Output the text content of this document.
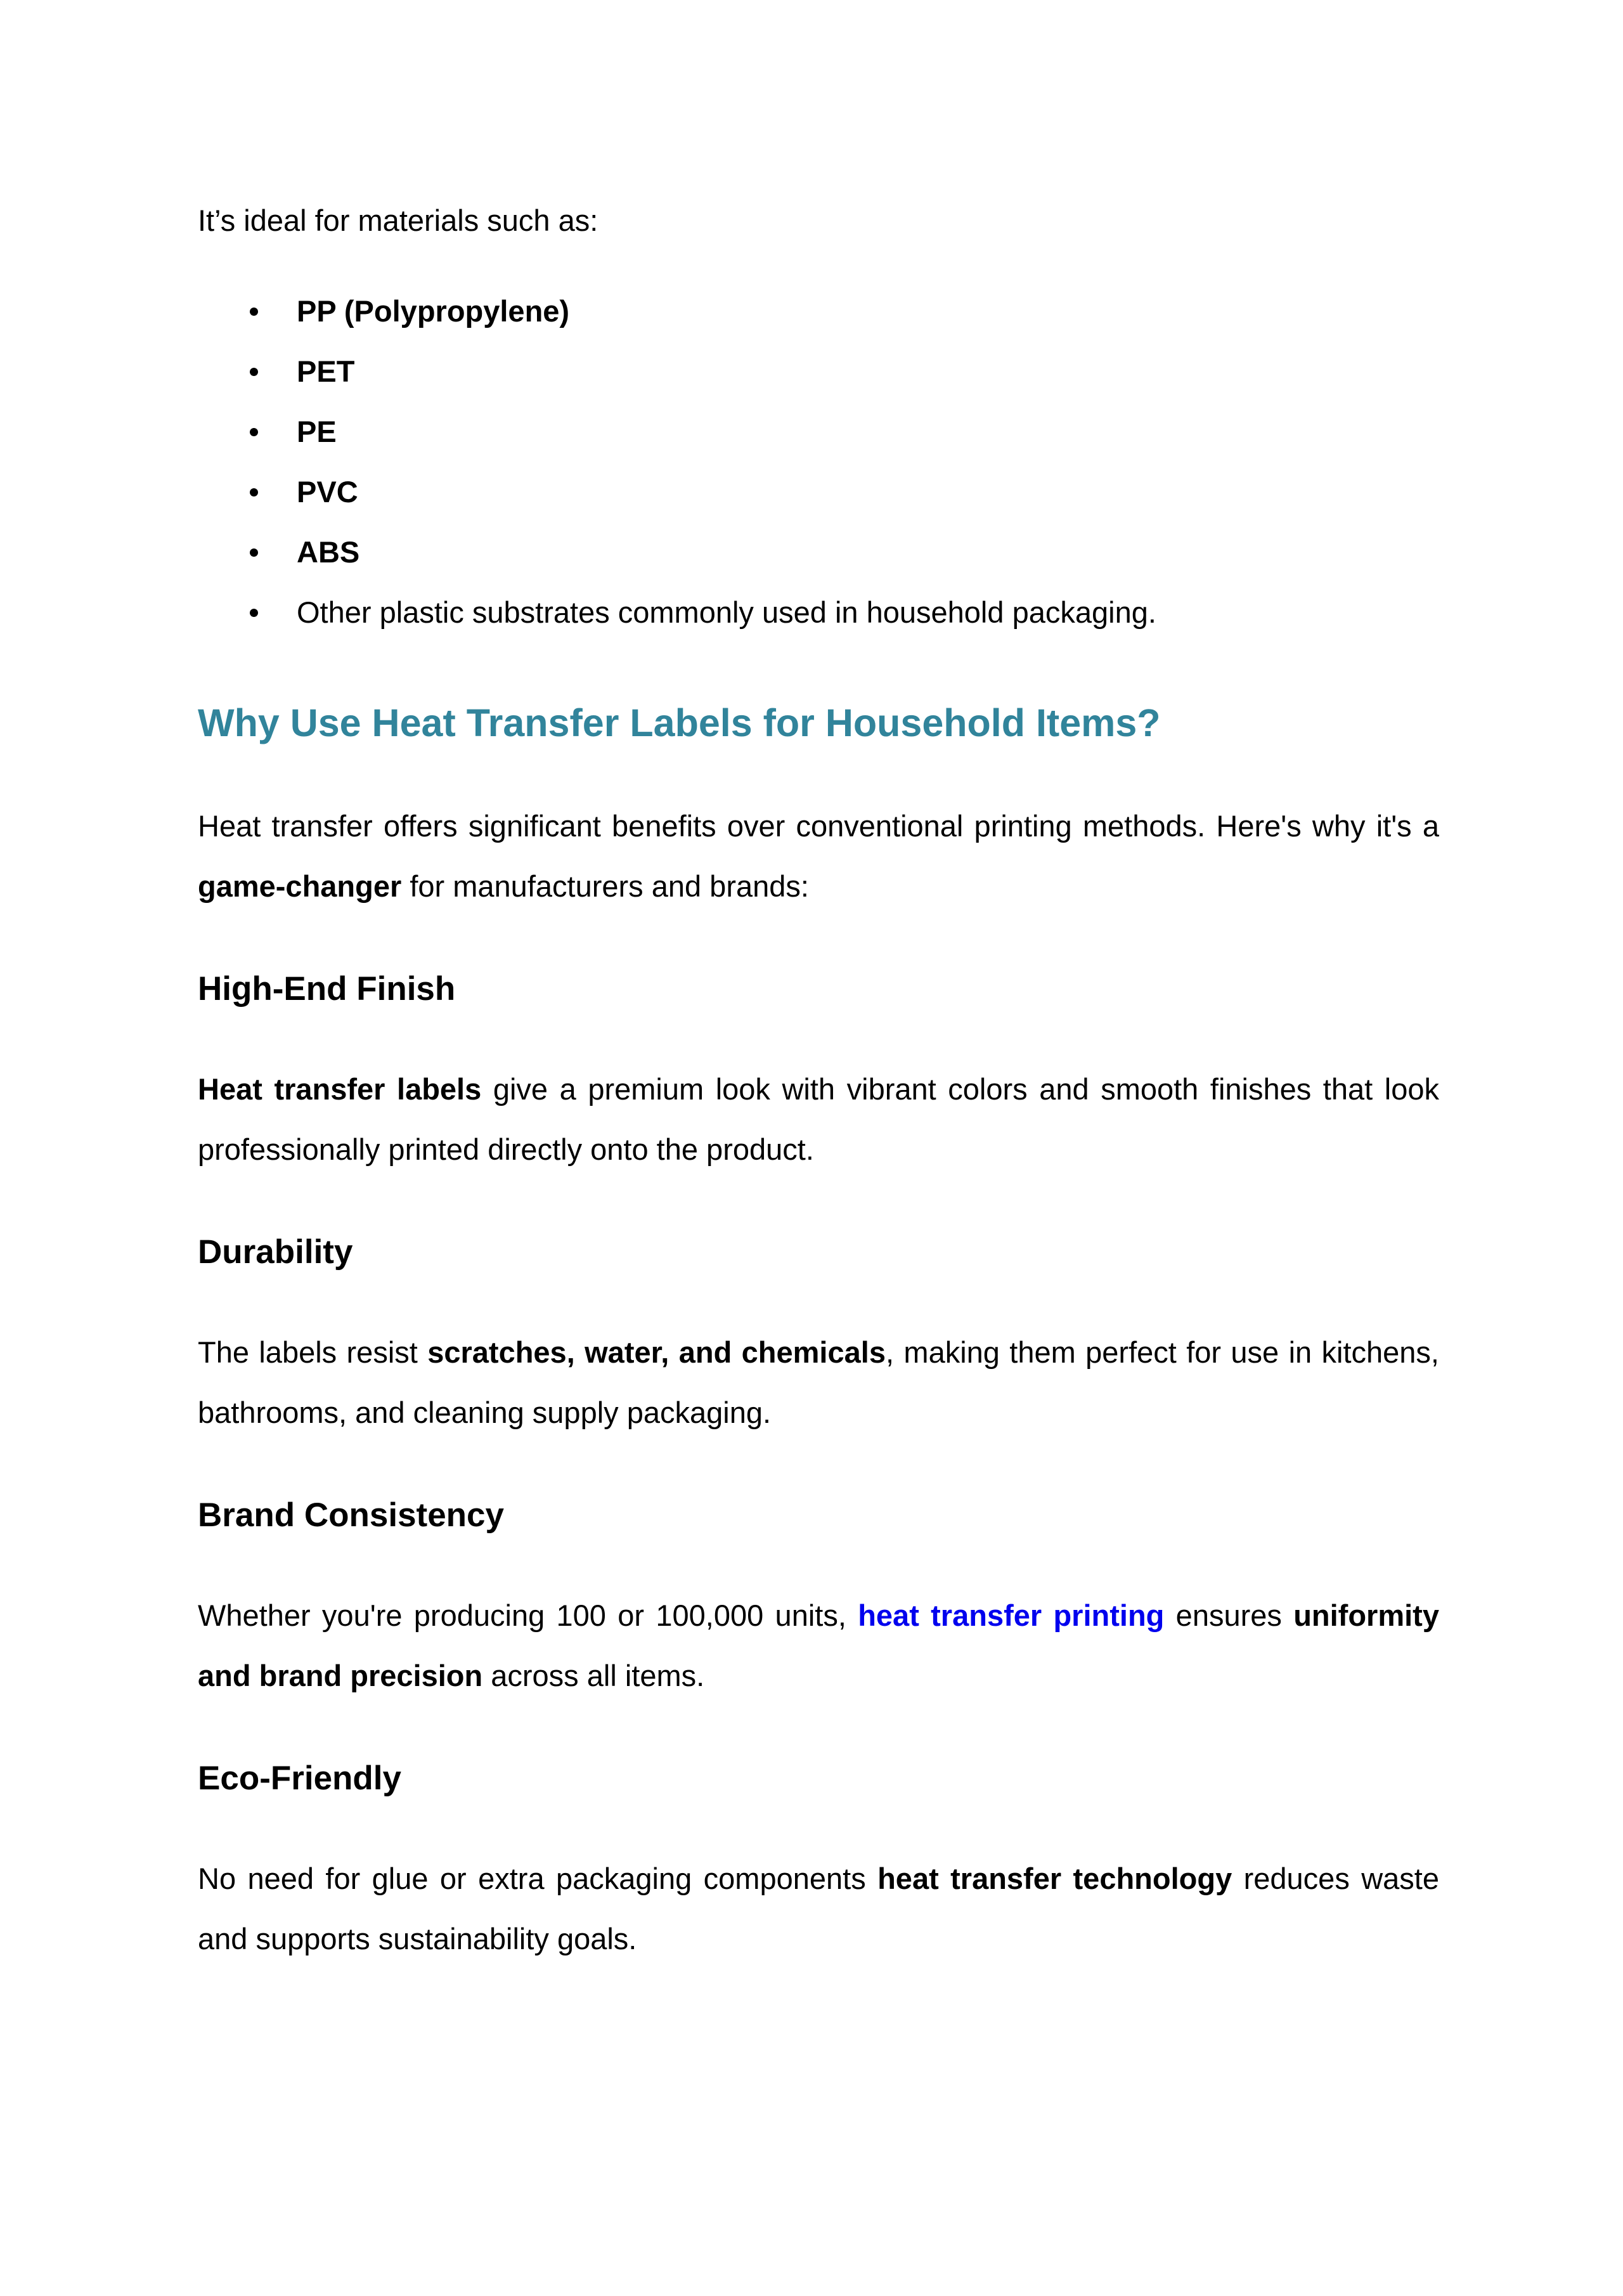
It’s ideal for materials such as:

PP (Polypropylene)
PET
PE
PVC
ABS
Other plastic substrates commonly used in household packaging.
Why Use Heat Transfer Labels for Household Items?

Heat transfer offers significant benefits over conventional printing methods. Here's why it's a game-changer for manufacturers and brands:

High-End Finish

Heat transfer labels give a premium look with vibrant colors and smooth finishes that look professionally printed directly onto the product.

Durability

The labels resist scratches, water, and chemicals, making them perfect for use in kitchens, bathrooms, and cleaning supply packaging.

Brand Consistency

Whether you're producing 100 or 100,000 units, heat transfer printing ensures uniformity and brand precision across all items.

Eco-Friendly

No need for glue or extra packaging components heat transfer technology reduces waste and supports sustainability goals.
